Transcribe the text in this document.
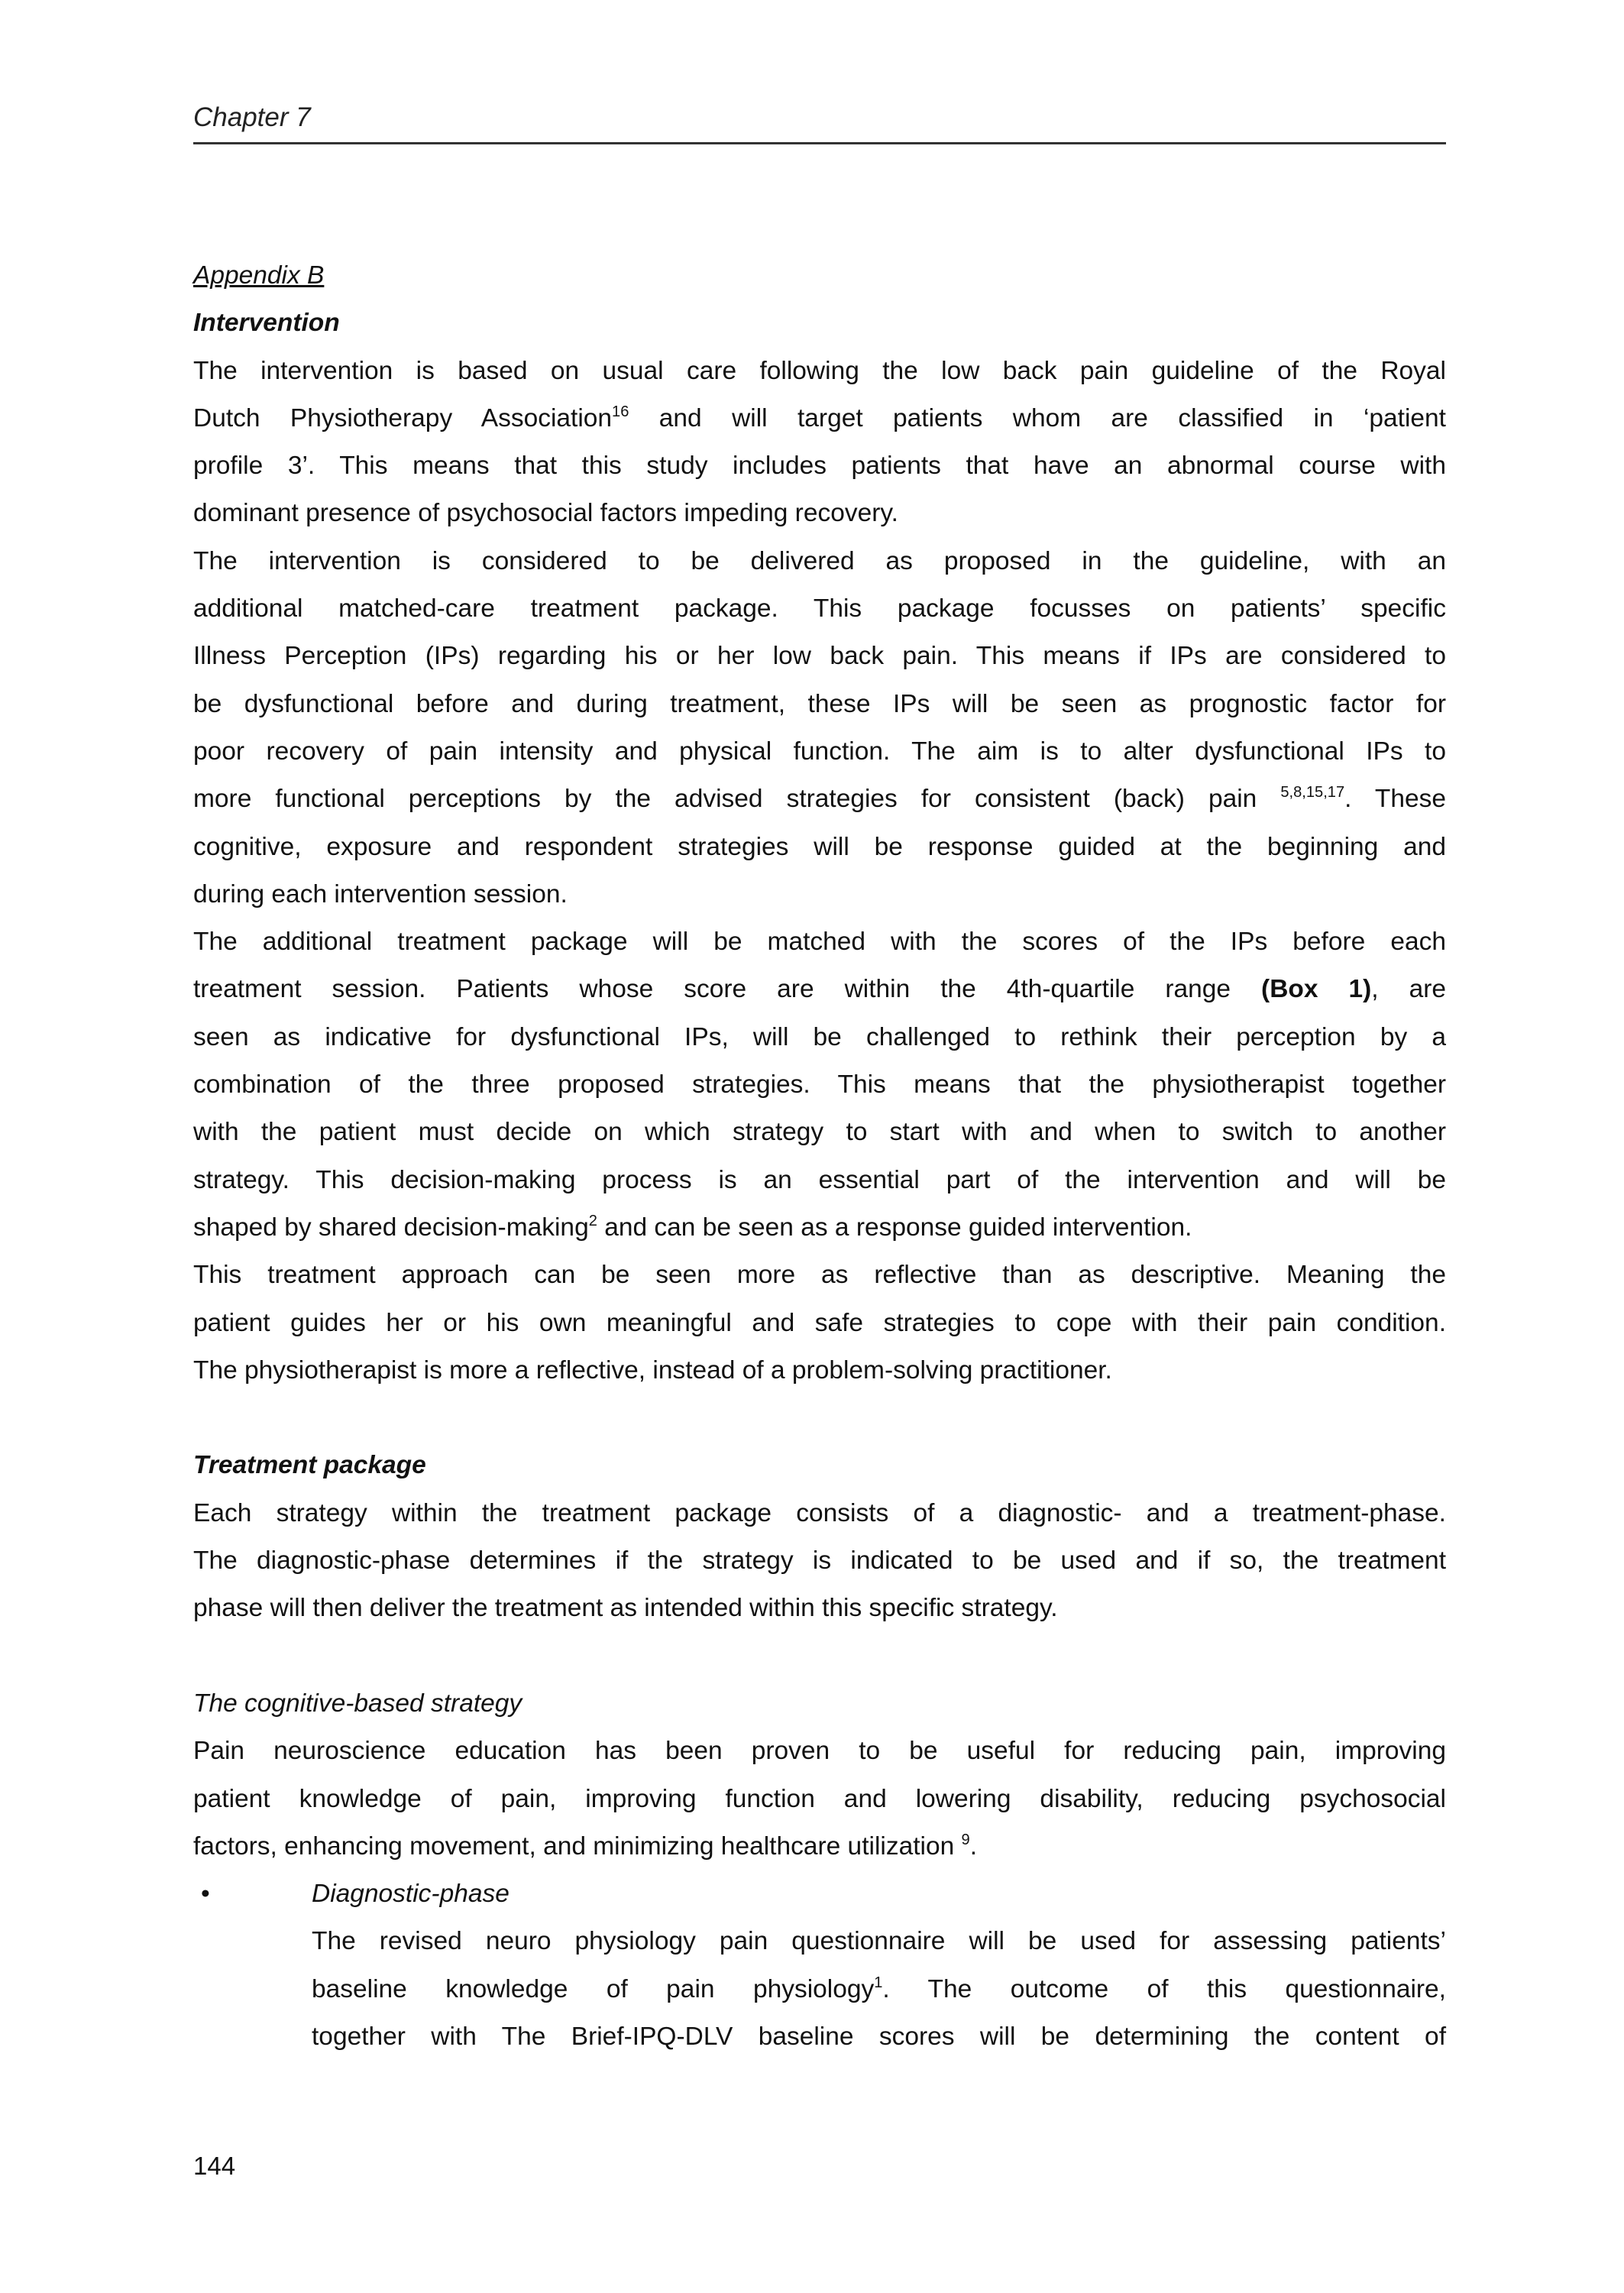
Chapter 7
Appendix B
Intervention
The intervention is based on usual care following the low back pain guideline of the Royal
Dutch Physiotherapy Association$^{16}$ and will target patients whom are classified in ‘patient
profile 3’. This means that this study includes patients that have an abnormal course with
dominant presence of psychosocial factors impeding recovery.
The intervention is considered to be delivered as proposed in the guideline, with an
additional matched-care treatment package. This package focusses on patients’ specific
Illness Perception (IPs) regarding his or her low back pain. This means if IPs are considered to
be dysfunctional before and during treatment, these IPs will be seen as prognostic factor for
poor recovery of pain intensity and physical function. The aim is to alter dysfunctional IPs to
more functional perceptions by the advised strategies for consistent (back) pain $^{5,8,15,17}$. These
cognitive, exposure and respondent strategies will be response guided at the beginning and
during each intervention session.
The additional treatment package will be matched with the scores of the IPs before each
treatment session. Patients whose score are within the 4th-quartile range (Box 1), are
seen as indicative for dysfunctional IPs, will be challenged to rethink their perception by a
combination of the three proposed strategies. This means that the physiotherapist together
with the patient must decide on which strategy to start with and when to switch to another
strategy. This decision-making process is an essential part of the intervention and will be
shaped by shared decision-making$^2$ and can be seen as a response guided intervention.
This treatment approach can be seen more as reflective than as descriptive. Meaning the
patient guides her or his own meaningful and safe strategies to cope with their pain condition.
The physiotherapist is more a reflective, instead of a problem-solving practitioner.
Treatment package
Each strategy within the treatment package consists of a diagnostic- and a treatment-phase.
The diagnostic-phase determines if the strategy is indicated to be used and if so, the treatment
phase will then deliver the treatment as intended within this specific strategy.
The cognitive-based strategy
Pain neuroscience education has been proven to be useful for reducing pain, improving
patient knowledge of pain, improving function and lowering disability, reducing psychosocial
factors, enhancing movement, and minimizing healthcare utilization $^9$.
•	Diagnostic-phase
The revised neuro physiology pain questionnaire will be used for assessing patients’
baseline knowledge of pain physiology$^1$. The outcome of this questionnaire,
together with The Brief-IPQ-DLV baseline scores will be determining the content of
144
